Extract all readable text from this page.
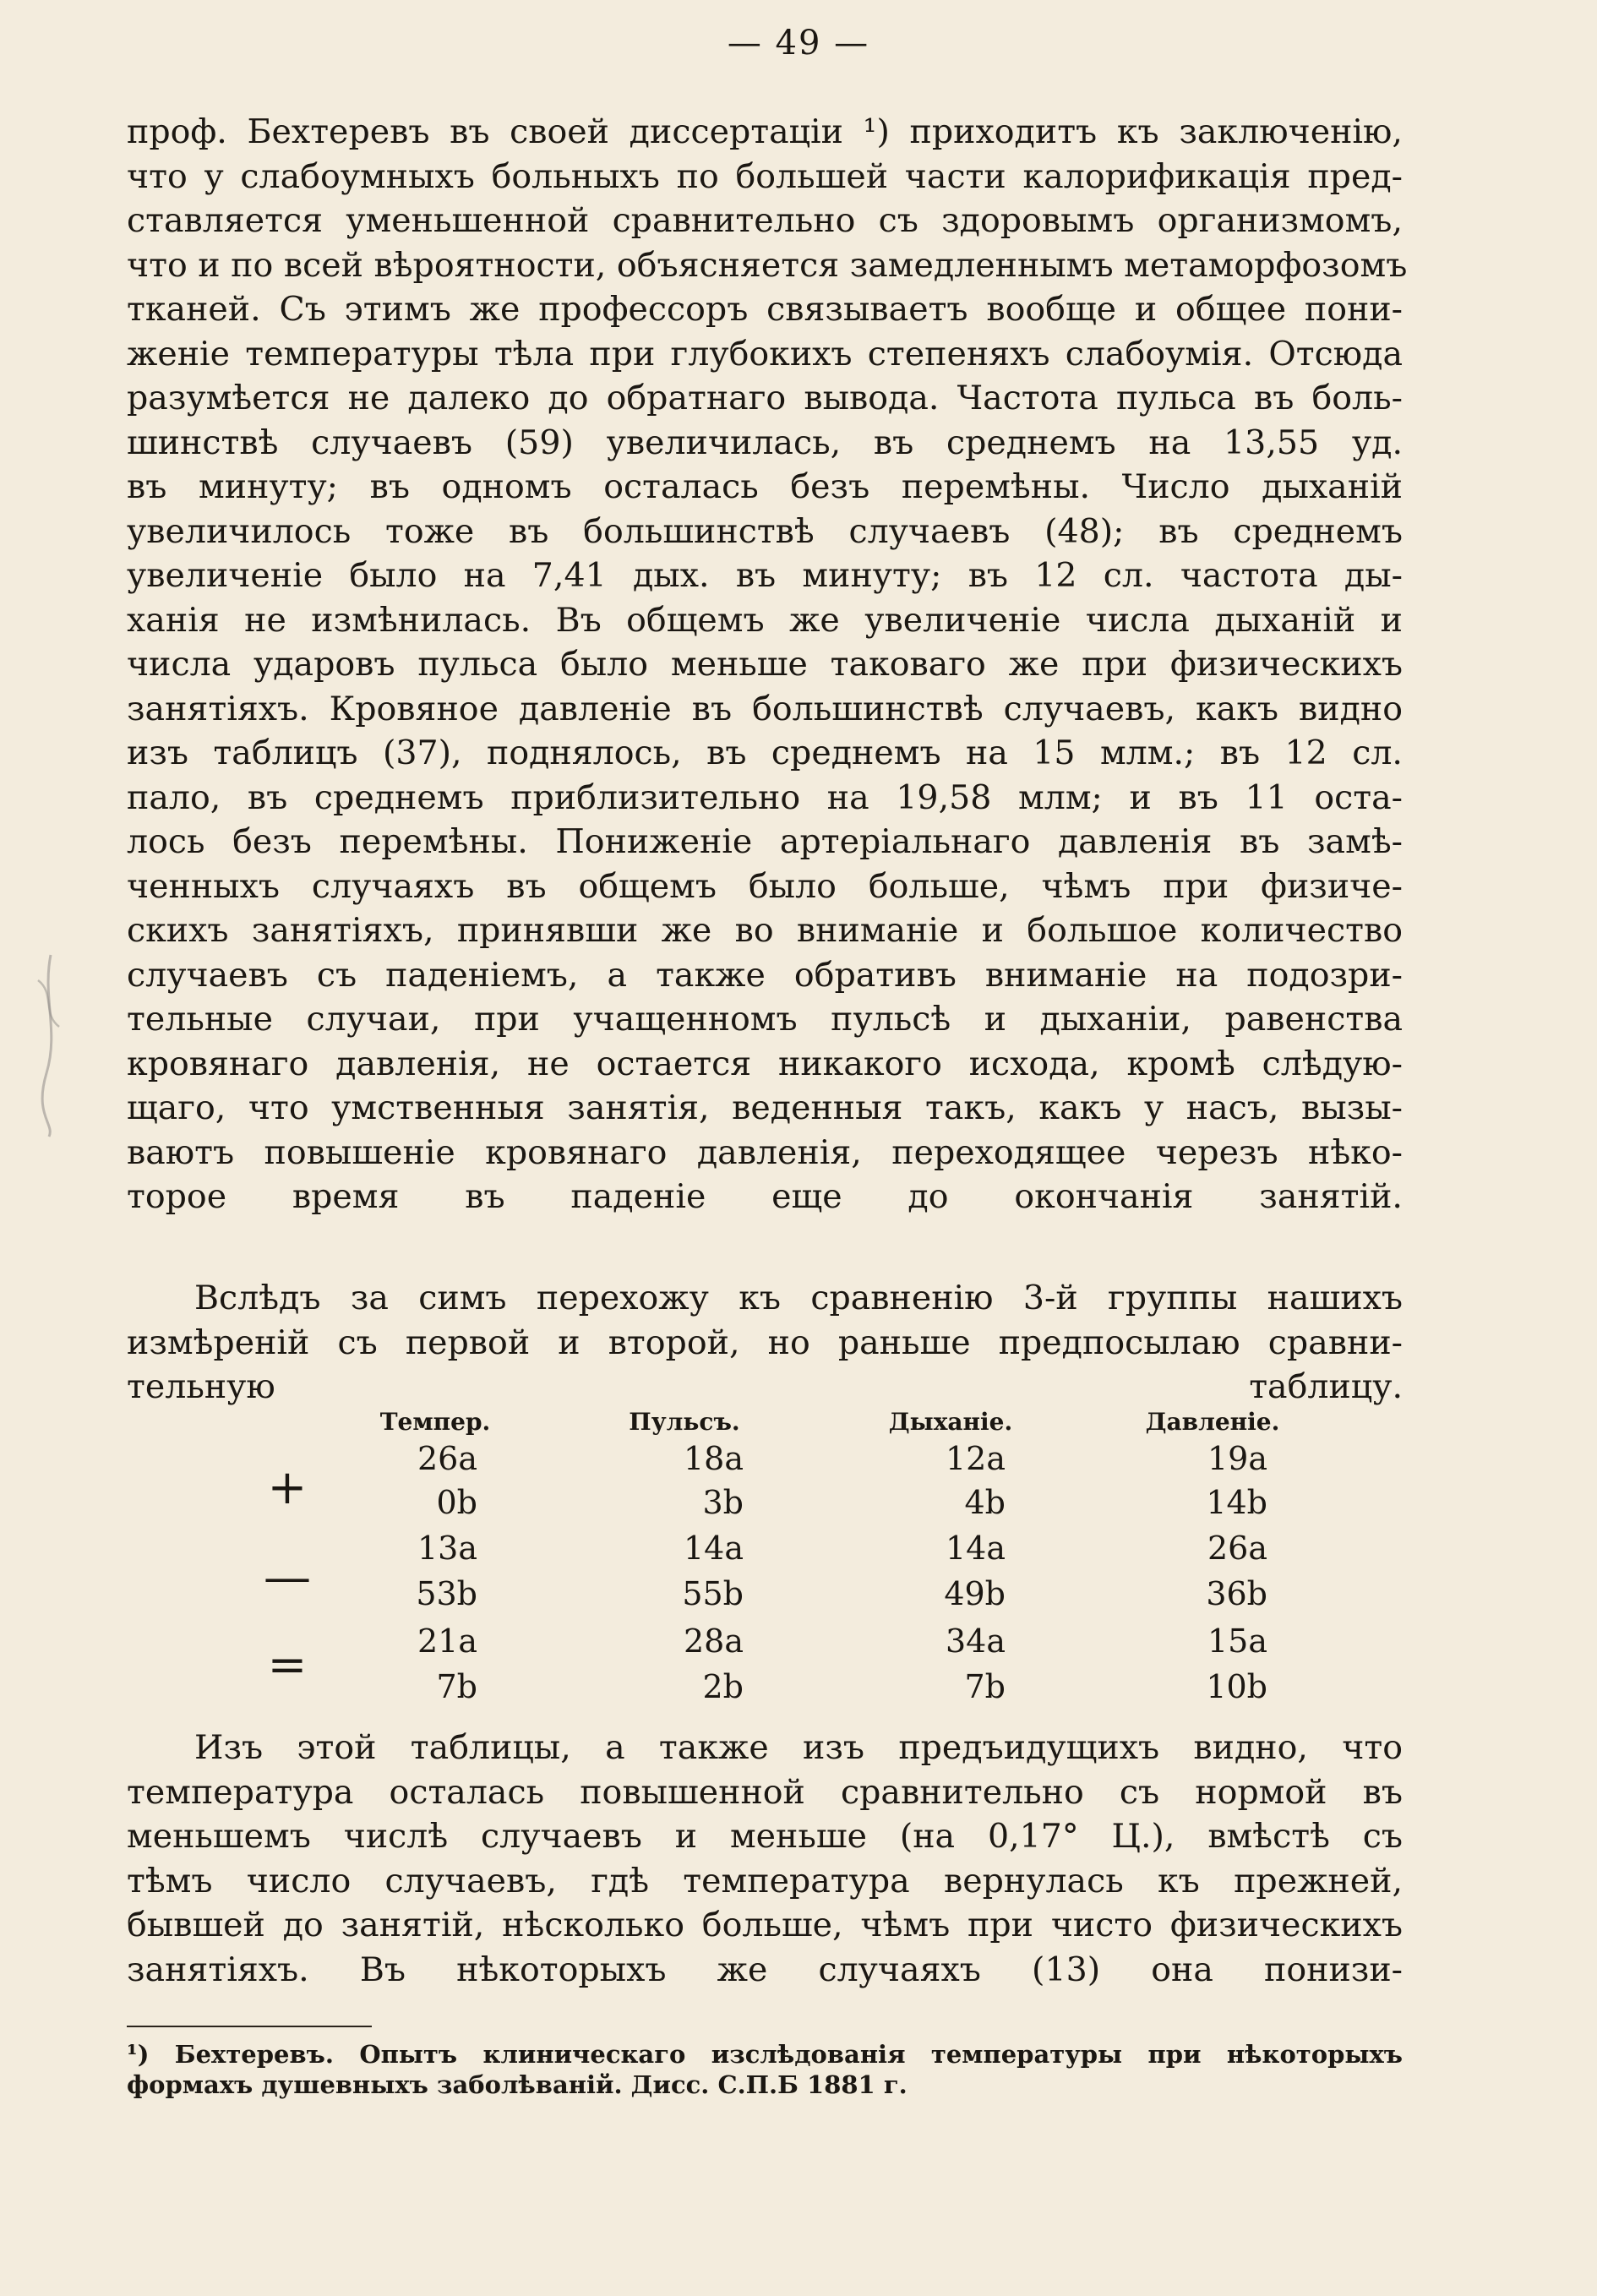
— 49 —
проф. Бехтеревъ въ своей диссертаціи ¹) приходитъ къ заключенію,
что у слабоумныхъ больныхъ по большей части калорификація пред-
ставляется уменьшенной сравнительно съ здоровымъ организмомъ,
что и по всей вѣроятности, объясняется замедленнымъ метаморфозомъ
тканей. Съ этимъ же профессоръ связываетъ вообще и общее пони-
женіе температуры тѣла при глубокихъ степеняхъ слабоумія. Отсюда
разумѣется не далеко до обратнаго вывода. Частота пульса въ боль-
шинствѣ случаевъ (59) увеличилась, въ среднемъ на 13,55 уд.
въ минуту; въ одномъ осталась безъ перемѣны. Число дыханій
увеличилось тоже въ большинствѣ случаевъ (48); въ среднемъ
увеличеніе было на 7,41 дых. въ минуту; въ 12 сл. частота ды-
ханія не измѣнилась. Въ общемъ же увеличеніе числа дыханій и
числа ударовъ пульса было меньше таковаго же при физическихъ
занятіяхъ. Кровяное давленіе въ большинствѣ случаевъ, какъ видно
изъ таблицъ (37), поднялось, въ среднемъ на 15 млм.; въ 12 сл.
пало, въ среднемъ приблизительно на 19,58 млм; и въ 11 оста-
лось безъ перемѣны. Пониженіе артеріальнаго давленія въ замѣ-
ченныхъ случаяхъ въ общемъ было больше, чѣмъ при физиче-
скихъ занятіяхъ, принявши же во вниманіе и большое количество
случаевъ съ паденіемъ, а также обративъ вниманіе на подозри-
тельные случаи, при учащенномъ пульсѣ и дыханіи, равенства
кровянаго давленія, не остается никакого исхода, кромѣ слѣдую-
щаго, что умственныя занятія, веденныя такъ, какъ у насъ, вызы-
ваютъ повышеніе кровянаго давленія, переходящее черезъ нѣко-
торое время въ паденіе еще до окончанія занятій.
Вслѣдъ за симъ перехожу къ сравненію 3-й группы нашихъ
измѣреній съ первой и второй, но раньше предпосылаю сравни-
тельную таблицу.
Темпер.	Пульсъ.	Дыханіе.	Давленіе.
+
—
=
26a	18a	12a	19a
0b	3b	4b	14b
13a	14a	14a	26a
53b	55b	49b	36b
21a	28a	34a	15a
7b	2b	7b	10b
Изъ этой таблицы, а также изъ предъидущихъ видно, что
температура осталась повышенной сравнительно съ нормой въ
меньшемъ числѣ случаевъ и меньше (на 0,17° Ц.), вмѣстѣ съ
тѣмъ число случаевъ, гдѣ температура вернулась къ прежней,
бывшей до занятій, нѣсколько больше, чѣмъ при чисто физическихъ
занятіяхъ. Въ нѣкоторыхъ же случаяхъ (13) она понизи-

¹) Бехтеревъ. Опытъ клиническаго изслѣдованія температуры при нѣкоторыхъ формахъ душевныхъ заболѣваній. Дисс. С.П.Б 1881 г.
